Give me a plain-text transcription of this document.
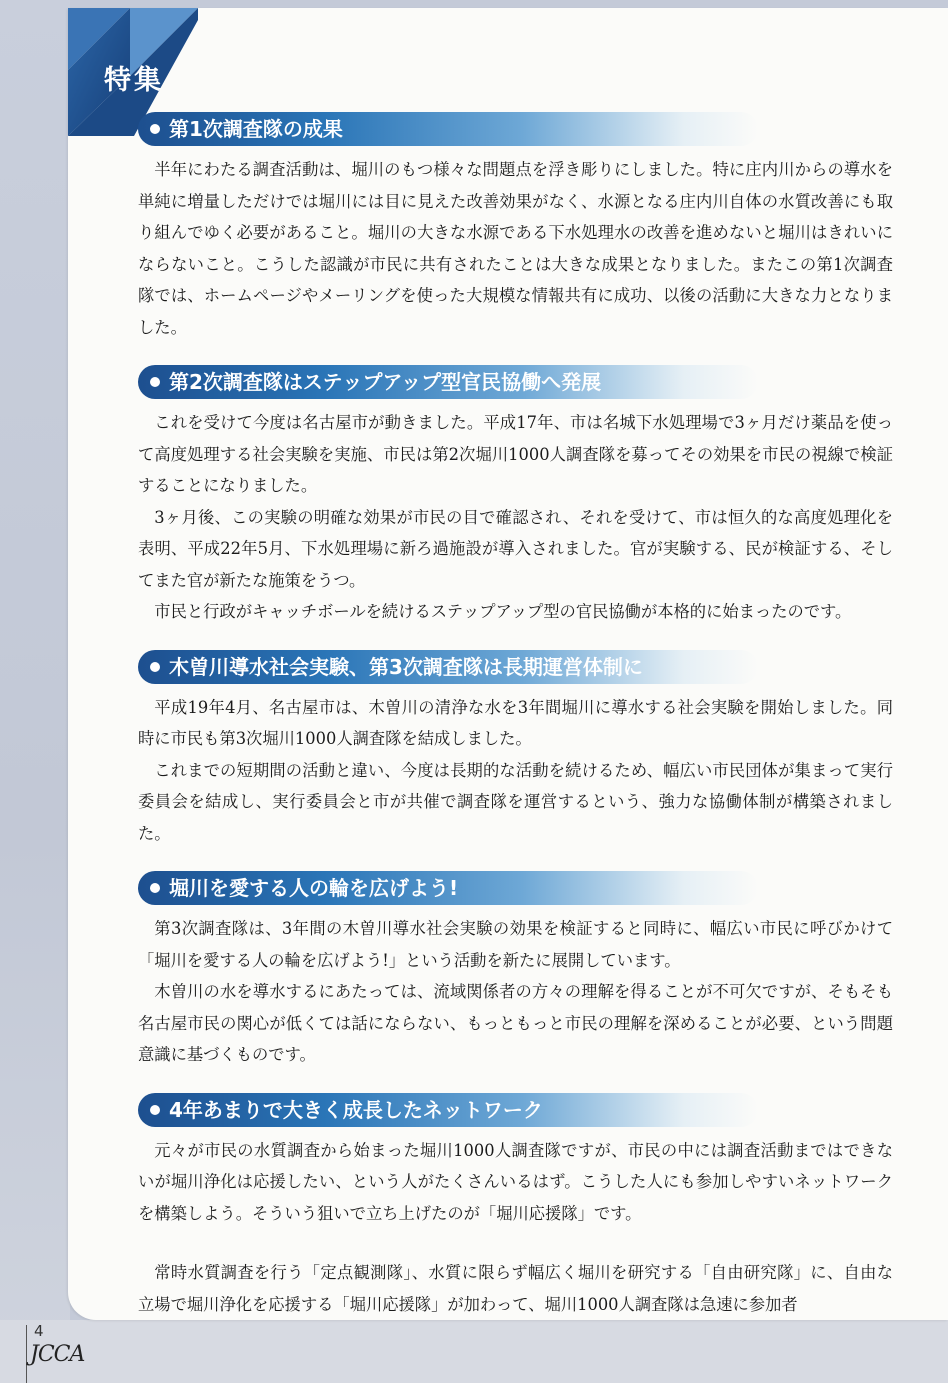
特集
第1次調査隊の成果

半年にわたる調査活動は、堀川のもつ様々な問題点を浮き彫りにしました。特に庄内川からの導水を単純に増量しただけでは堀川には目に見えた改善効果がなく、水源となる庄内川自体の水質改善にも取り組んでゆく必要があること。堀川の大きな水源である下水処理水の改善を進めないと堀川はきれいにならないこと。こうした認識が市民に共有されたことは大きな成果となりました。またこの第1次調査隊では、ホームページやメーリングを使った大規模な情報共有に成功、以後の活動に大きな力となりました。

第2次調査隊はステップアップ型官民協働へ発展

これを受けて今度は名古屋市が動きました。平成17年、市は名城下水処理場で3ヶ月だけ薬品を使って高度処理する社会実験を実施、市民は第2次堀川1000人調査隊を募ってその効果を市民の視線で検証することになりました。

3ヶ月後、この実験の明確な効果が市民の目で確認され、それを受けて、市は恒久的な高度処理化を表明、平成22年5月、下水処理場に新ろ過施設が導入されました。官が実験する、民が検証する、そしてまた官が新たな施策をうつ。

市民と行政がキャッチボールを続けるステップアップ型の官民協働が本格的に始まったのです。

木曽川導水社会実験、第3次調査隊は長期運営体制に

平成19年4月、名古屋市は、木曽川の清浄な水を3年間堀川に導水する社会実験を開始しました。同時に市民も第3次堀川1000人調査隊を結成しました。

これまでの短期間の活動と違い、今度は長期的な活動を続けるため、幅広い市民団体が集まって実行委員会を結成し、実行委員会と市が共催で調査隊を運営するという、強力な協働体制が構築されました。

堀川を愛する人の輪を広げよう!

第3次調査隊は、3年間の木曽川導水社会実験の効果を検証すると同時に、幅広い市民に呼びかけて「堀川を愛する人の輪を広げよう!」という活動を新たに展開しています。

木曽川の水を導水するにあたっては、流域関係者の方々の理解を得ることが不可欠ですが、そもそも名古屋市民の関心が低くては話にならない、もっともっと市民の理解を深めることが必要、という問題意識に基づくものです。

4年あまりで大きく成長したネットワーク

元々が市民の水質調査から始まった堀川1000人調査隊ですが、市民の中には調査活動まではできないが堀川浄化は応援したい、という人がたくさんいるはず。こうした人にも参加しやすいネットワークを構築しよう。そういう狙いで立ち上げたのが「堀川応援隊」です。

常時水質調査を行う「定点観測隊」、水質に限らず幅広く堀川を研究する「自由研究隊」に、自由な立場で堀川浄化を応援する「堀川応援隊」が加わって、堀川1000人調査隊は急速に参加者

4
JCCA
